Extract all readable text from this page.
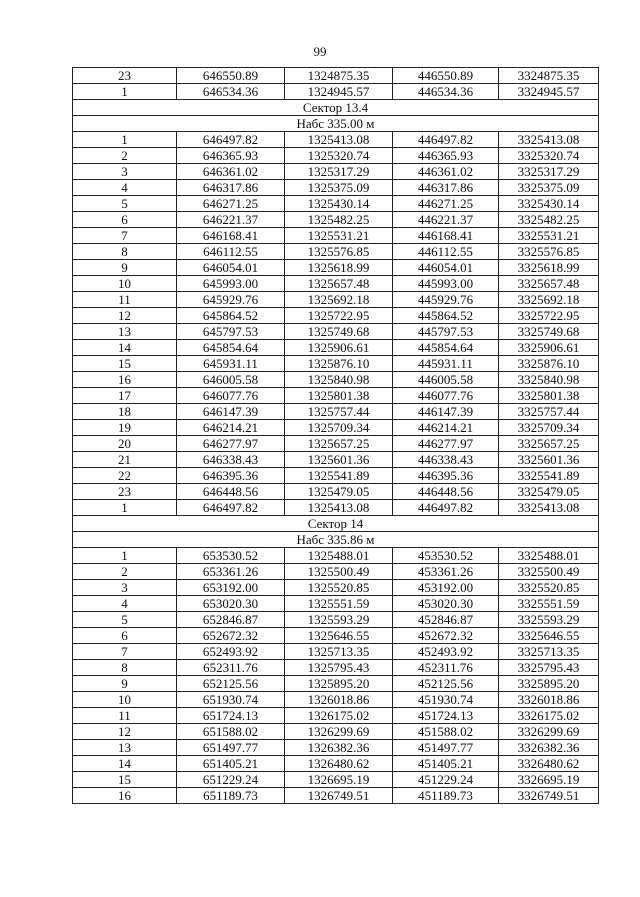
99
23	646550.89	1324875.35	446550.89	3324875.35
1	646534.36	1324945.57	446534.36	3324945.57
Сектор 13.4				
Набс 335.00 м				
1	646497.82	1325413.08	446497.82	3325413.08
2	646365.93	1325320.74	446365.93	3325320.74
3	646361.02	1325317.29	446361.02	3325317.29
4	646317.86	1325375.09	446317.86	3325375.09
5	646271.25	1325430.14	446271.25	3325430.14
6	646221.37	1325482.25	446221.37	3325482.25
7	646168.41	1325531.21	446168.41	3325531.21
8	646112.55	1325576.85	446112.55	3325576.85
9	646054.01	1325618.99	446054.01	3325618.99
10	645993.00	1325657.48	445993.00	3325657.48
11	645929.76	1325692.18	445929.76	3325692.18
12	645864.52	1325722.95	445864.52	3325722.95
13	645797.53	1325749.68	445797.53	3325749.68
14	645854.64	1325906.61	445854.64	3325906.61
15	645931.11	1325876.10	445931.11	3325876.10
16	646005.58	1325840.98	446005.58	3325840.98
17	646077.76	1325801.38	446077.76	3325801.38
18	646147.39	1325757.44	446147.39	3325757.44
19	646214.21	1325709.34	446214.21	3325709.34
20	646277.97	1325657.25	446277.97	3325657.25
21	646338.43	1325601.36	446338.43	3325601.36
22	646395.36	1325541.89	446395.36	3325541.89
23	646448.56	1325479.05	446448.56	3325479.05
1	646497.82	1325413.08	446497.82	3325413.08
Сектор 14				
Набс 335.86 м				
1	653530.52	1325488.01	453530.52	3325488.01
2	653361.26	1325500.49	453361.26	3325500.49
3	653192.00	1325520.85	453192.00	3325520.85
4	653020.30	1325551.59	453020.30	3325551.59
5	652846.87	1325593.29	452846.87	3325593.29
6	652672.32	1325646.55	452672.32	3325646.55
7	652493.92	1325713.35	452493.92	3325713.35
8	652311.76	1325795.43	452311.76	3325795.43
9	652125.56	1325895.20	452125.56	3325895.20
10	651930.74	1326018.86	451930.74	3326018.86
11	651724.13	1326175.02	451724.13	3326175.02
12	651588.02	1326299.69	451588.02	3326299.69
13	651497.77	1326382.36	451497.77	3326382.36
14	651405.21	1326480.62	451405.21	3326480.62
15	651229.24	1326695.19	451229.24	3326695.19
16	651189.73	1326749.51	451189.73	3326749.51
